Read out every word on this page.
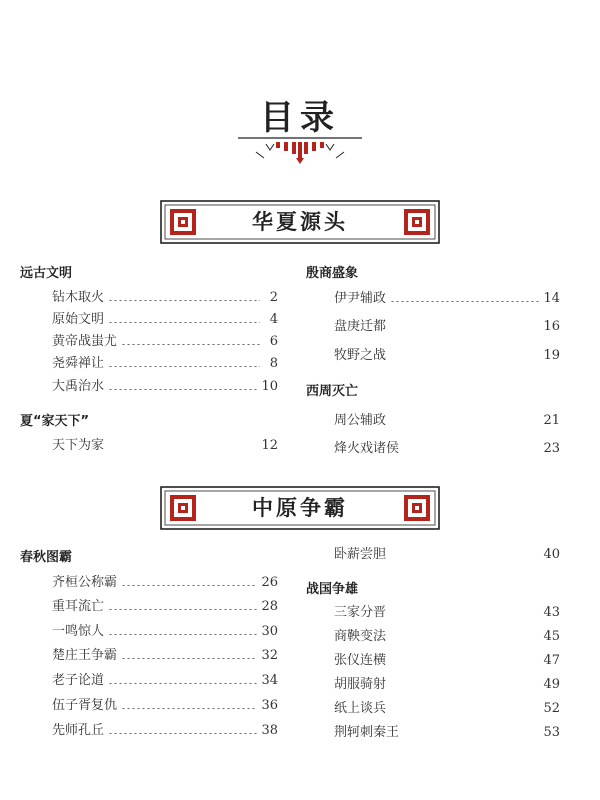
目录
华夏源头
远古文明
钻木取火	2
原始文明	4
黄帝战蚩尤	6
尧舜禅让	8
大禹治水	10
夏“家天下”
天下为家	12
殷商盛象
伊尹辅政	14
盘庚迁都	16
牧野之战	19
西周灭亡
周公辅政	21
烽火戏诸侯	23
中原争霸
春秋图霸
齐桓公称霸	26
重耳流亡	28
一鸣惊人	30
楚庄王争霸	32
老子论道	34
伍子胥复仇	36
先师孔丘	38
卧薪尝胆	40
战国争雄
三家分晋	43
商鞅变法	45
张仪连横	47
胡服骑射	49
纸上谈兵	52
荆轲刺秦王	53
